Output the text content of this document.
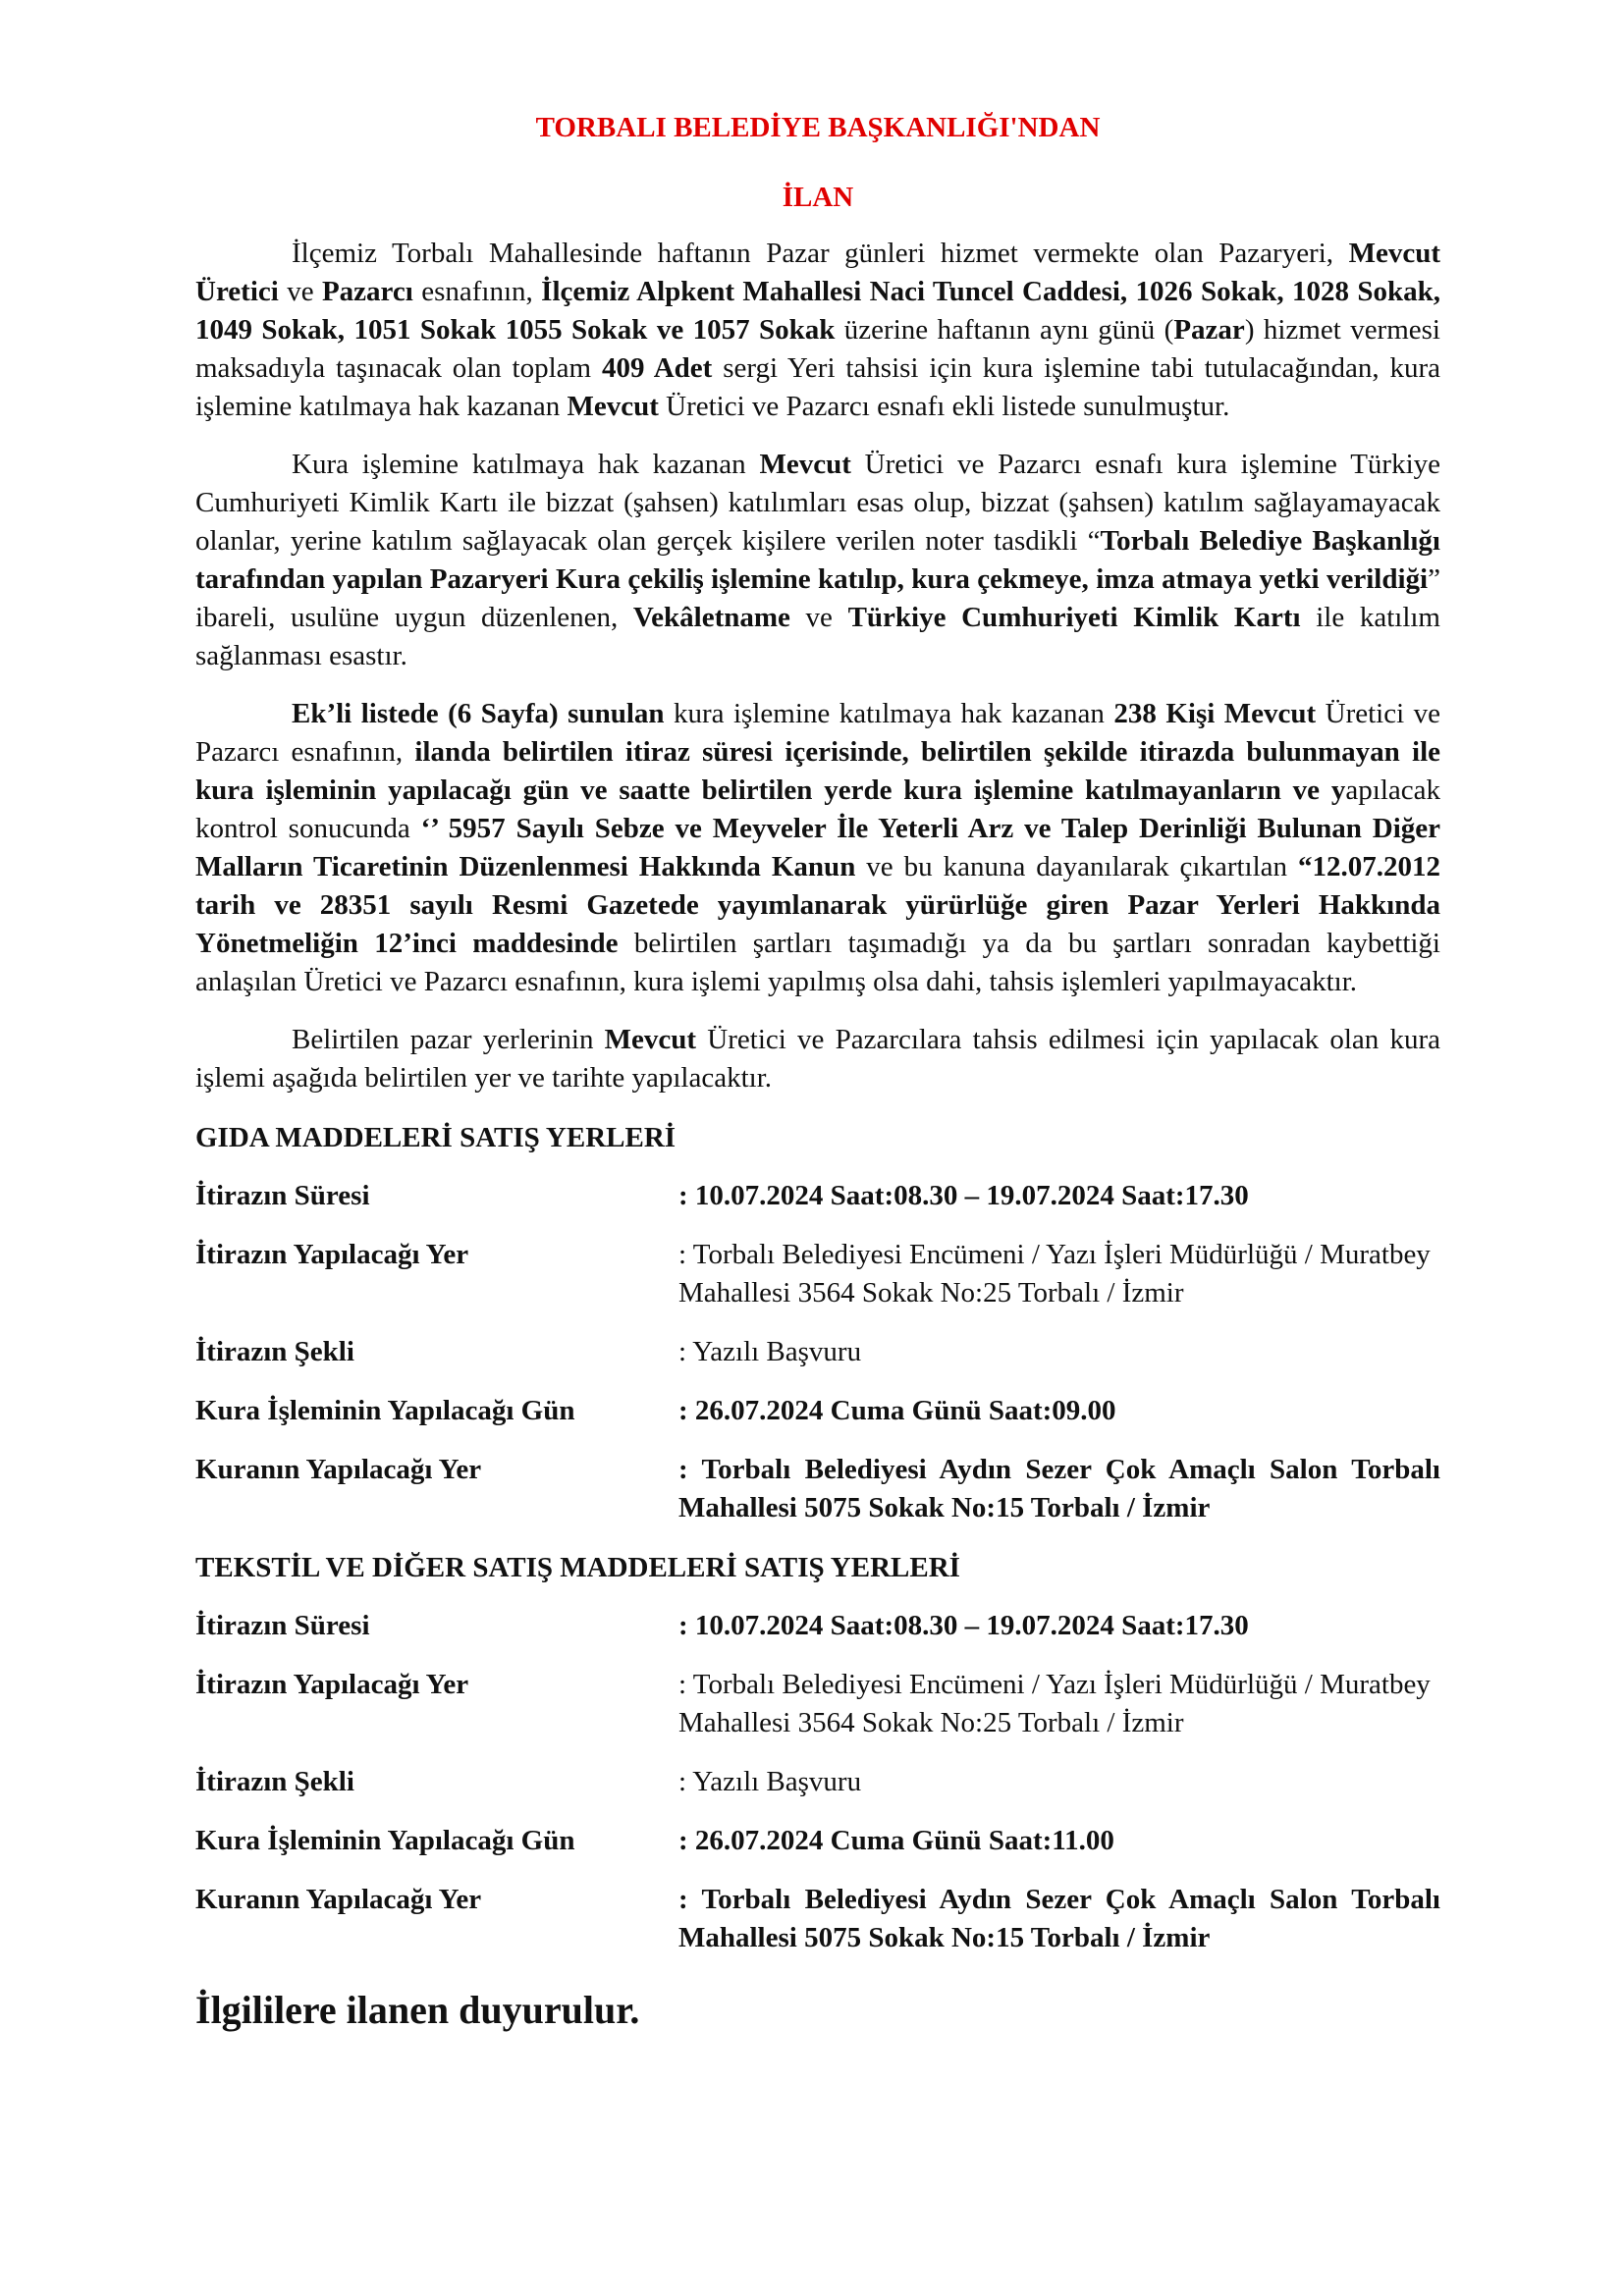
TORBALI BELEDİYE BAŞKANLIĞI'NDAN
İLAN

İlçemiz Torbalı Mahallesinde haftanın Pazar günleri hizmet vermekte olan Pazaryeri, Mevcut Üretici ve Pazarcı esnafının, İlçemiz Alpkent Mahallesi Naci Tuncel Caddesi, 1026 Sokak, 1028 Sokak, 1049 Sokak, 1051 Sokak 1055 Sokak ve 1057 Sokak üzerine haftanın aynı günü (Pazar) hizmet vermesi maksadıyla taşınacak olan toplam 409 Adet sergi Yeri tahsisi için kura işlemine tabi tutulacağından, kura işlemine katılmaya hak kazanan Mevcut Üretici ve Pazarcı esnafı ekli listede sunulmuştur.

Kura işlemine katılmaya hak kazanan Mevcut Üretici ve Pazarcı esnafı kura işlemine Türkiye Cumhuriyeti Kimlik Kartı ile bizzat (şahsen) katılımları esas olup, bizzat (şahsen) katılım sağlayamayacak olanlar, yerine katılım sağlayacak olan gerçek kişilere verilen noter tasdikli “Torbalı Belediye Başkanlığı tarafından yapılan Pazaryeri Kura çekiliş işlemine katılıp, kura çekmeye, imza atmaya yetki verildiği” ibareli, usulüne uygun düzenlenen, Vekâletname ve Türkiye Cumhuriyeti Kimlik Kartı ile katılım sağlanması esastır.

Ek’li listede (6 Sayfa) sunulan kura işlemine katılmaya hak kazanan 238 Kişi Mevcut Üretici ve Pazarcı esnafının, ilanda belirtilen itiraz süresi içerisinde, belirtilen şekilde itirazda bulunmayan ile kura işleminin yapılacağı gün ve saatte belirtilen yerde kura işlemine katılmayanların ve yapılacak kontrol sonucunda ‘’ 5957 Sayılı Sebze ve Meyveler İle Yeterli Arz ve Talep Derinliği Bulunan Diğer Malların Ticaretinin Düzenlenmesi Hakkında Kanun ve bu kanuna dayanılarak çıkartılan “12.07.2012 tarih ve 28351 sayılı Resmi Gazetede yayımlanarak yürürlüğe giren Pazar Yerleri Hakkında Yönetmeliğin 12’inci maddesinde belirtilen şartları taşımadığı ya da bu şartları sonradan kaybettiği anlaşılan Üretici ve Pazarcı esnafının, kura işlemi yapılmış olsa dahi, tahsis işlemleri yapılmayacaktır.

Belirtilen pazar yerlerinin Mevcut Üretici ve Pazarcılara tahsis edilmesi için yapılacak olan kura işlemi aşağıda belirtilen yer ve tarihte yapılacaktır.

GIDA MADDELERİ SATIŞ YERLERİ
İtirazın Süresi	: 10.07.2024 Saat:08.30 – 19.07.2024 Saat:17.30
İtirazın Yapılacağı Yer	: Torbalı Belediyesi Encümeni / Yazı İşleri Müdürlüğü / Muratbey Mahallesi 3564 Sokak No:25 Torbalı / İzmir
İtirazın Şekli	: Yazılı Başvuru
Kura İşleminin Yapılacağı Gün	: 26.07.2024 Cuma Günü Saat:09.00
Kuranın Yapılacağı Yer	: Torbalı Belediyesi Aydın Sezer Çok Amaçlı Salon Torbalı Mahallesi 5075 Sokak No:15 Torbalı / İzmir
TEKSTİL VE DİĞER SATIŞ MADDELERİ SATIŞ YERLERİ
İtirazın Süresi	: 10.07.2024 Saat:08.30 – 19.07.2024 Saat:17.30
İtirazın Yapılacağı Yer	: Torbalı Belediyesi Encümeni / Yazı İşleri Müdürlüğü / Muratbey Mahallesi 3564 Sokak No:25 Torbalı / İzmir
İtirazın Şekli	: Yazılı Başvuru
Kura İşleminin Yapılacağı Gün	: 26.07.2024 Cuma Günü Saat:11.00
Kuranın Yapılacağı Yer	: Torbalı Belediyesi Aydın Sezer Çok Amaçlı Salon Torbalı Mahallesi 5075 Sokak No:15 Torbalı / İzmir
İlgililere ilanen duyurulur.
